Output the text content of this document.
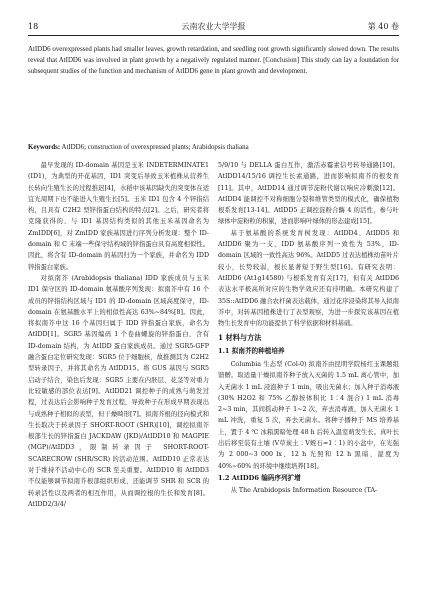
18	云南农业大学学报	第 40 卷

AtIDD6 overexpressed plants had smaller leaves, growth retardation, and seedling root growth significantly slowed down. The results reveal that AtIDD6 was involved in plant growth by a negatively regulated manner. [Conclusion] This study can lay a foundation for subsequent studies of the function and mechanism of AtIDD6 gene in plant growth and development.

Keywords: AtIDD6; construction of overexpressed plants; Arabidopsis thaliana

最早发现的 ID-domain 基因是玉米 INDETERMINATE1 (ID1)，为典型的开花基因，ID1 突变后导致玉米植株从营养生长转向生殖生长的过程推迟[4]，水稻中该基因缺失的突变体在适宜光周期下也不能进入生殖生长[5]。玉米 ID1 包含 4 个锌指结构，且具有 C2H2 型锌指蛋白结构的特点[2]。之后，研究者将克隆获得的、与 ID1 基因结构类似的其他玉米基因命名为 ZmIDD[6]，对 ZmIDD 家族基因进行序列分析发现：整个 ID-domain 和 C 末端一些保守结构域的锌指蛋白具有高度相似性。因此，将含有 ID-domain 的基因归为一个家族，并命名为 IDD 锌指蛋白家族。

对拟南芥 (Arabidopsis thaliana) IDD 家族成员与玉米 ID1 保守区的 ID-domain 氨基酸序列发现：拟南芥中有 16 个成员的锌指结构区域与 ID1 的 ID-domain 区域高度保守，ID-domain 在氨基酸水平上的相似性高达 63%~84%[8]。因此，将拟南芥中这 16 个基因归属于 IDD 锌指蛋白家族，命名为 AtIDD[1]。SGR5 基因编码 1 个卷曲螺旋的锌指蛋白，含有 ID-domain 结构，为 AtIDD 蛋白家族成员。通过 SGR5-GFP 融合蛋白定位研究发现：SGR5 位于细胞核，故推测其为 C2H2 型转录因子，并将其命名为 AtIDD15。将 GUS 基因与 SGR5 启动子结合，染色后发现：SGR5 主要在内胚层、花茎等对重力比较敏感的部位表达[9]。AtIDD21 调控种子的成熟与萌发过程，过表达后会影响种子发育过程，导致种子在形成早期表现出与成熟种子相似的表型，但干燥畸形[7]。拟南芥根的径向模式和生长取决于转录因子 SHORT-ROOT (SHR)[10]，调控拟南芥根部生长的锌指蛋白 JACKDAW (JKD)/AtIDD10 和 MAGPIE (MGP)/AtIDD3，限制转录因子 SHORT-ROOT-SCARECROW (SHR/SCR) 的活动范围。AtIDD10 正常表达对于维持不活动中心的 SCR 至关重要。AtIDD10 和 AtIDD3 不仅能够调节拟南芥根部组织形成，还能调节 SHR 和 SCR 的转录活性以及两者的相互作用，从而调控根的生长和发育[8]。AtIDD2/3/4/

5/9/10 与 DELLA 蛋白互作，激活赤霉素信号转导通路[10]。AtIDD14/15/16 调控生长素通路，进而影响拟南芥的根发育[11]。其中，AtIDD14 通过调节淀粉代谢以响应冷刺激[12]。AtIDD4 能调控不对称细胞分裂和维管类型的模式化，确保植物根系发育[13-14]。AtIDD5 正调控淀粉合酶 4 的活性，参与叶绿体中淀粉粒的积累，进而影响叶绿体的形态建成[15]。

基于氨基酸的系统发育树发现：AtIDD4、AtIDD5 和 AtIDD6 聚为一支，IDD 氨基酸序列一致性为 53%，ID-domain 区域的一致性高达 96%。AtIDD5 过表达植株幼苗叶片较小，长势较弱，根长显著短于野生型[16]。有研究表明：AtIDD6 (At1g14580) 与根系发育有关[17]，但有关 AtIDD6 表达水平极高所对应的生物学效应还有待明确。本研究构建了 35S::AtIDD6 融合农杆菌表达载体，通过花序浸染将其导入拟南芥中，对转基因植株进行了表型观察，为进一步探究该基因在植物生长发育中的功能提供了科学依据和材料基础。

1 材料与方法
1.1 拟南芥的种植培养

Columbia 生态型 (Col-0) 拟南芥由昆明学院杨红玉课题组馈赠。取适量干燥拟南芥种子放入灭菌的 1.5 mL 离心管中，加入无菌水 1 mL 浸泡种子 1 min，吸出无菌水；加入种子消毒液 (30% H2O2 和 75% 乙醇按体积比 1∶4 混合) 1 mL 消毒 2~3 min，其间摇动种子 1~2 次，弃去消毒液，加入无菌水 1 mL 冲洗，重复 5 次，弃去无菌水。将种子播种于 MS 培养基上，置于 4 ℃ 冰箱黑暗处理 48 h 后转入温室萌发生长。真叶长出后移至装有土壤 (V草炭土∶V蛭石=1∶1) 的小盆中，在光强为 2 000~3 000 lx、12 h 光照和 12 h 黑暗、湿度为 40%~60% 的环境中继续培养[18]。

1.2 AtIDD6 编码序列扩增

从 The Arabidopsis Information Resource (TA-
